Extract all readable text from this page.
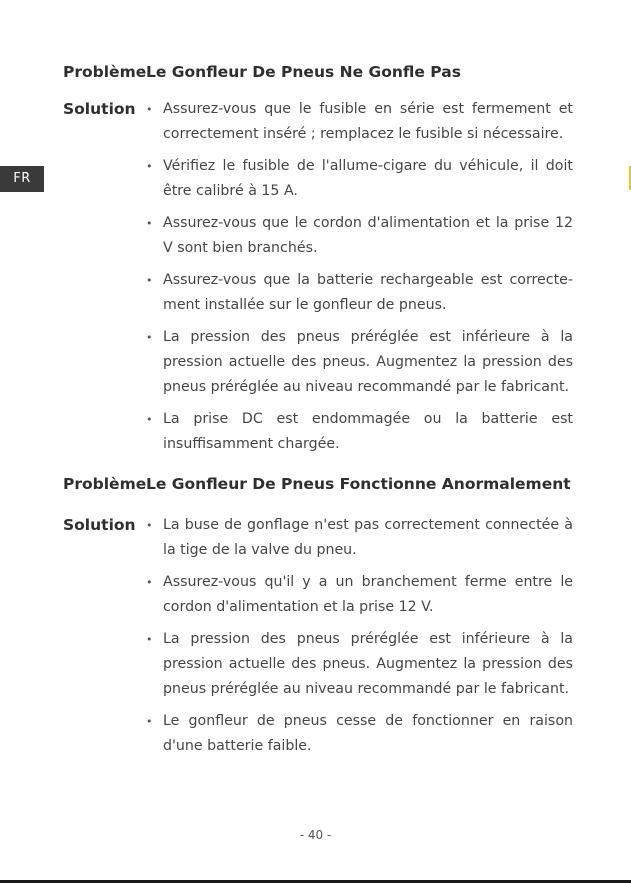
FR
Problème Le Gonfleur De Pneus Ne Gonfle Pas
Solution	• Assurez-vous que le fusible en série est fermement et correctement inséré ; remplacez le fusible si nécessaire.
• Vérifiez le fusible de l'allume-cigare du véhicule, il doit être calibré à 15 A.
• Assurez-vous que le cordon d'alimentation et la prise 12 V sont bien branchés.
• Assurez-vous que la batterie rechargeable est correcte- ment installée sur le gonfleur de pneus.
• La pression des pneus préréglée est inférieure à la pression actuelle des pneus. Augmentez la pression des pneus préréglée au niveau recommandé par le fabricant.
• La prise DC est endommagée ou la batterie est insuffisamment chargée.
Problème Le Gonfleur De Pneus Fonctionne Anormalement
Solution	• La buse de gonflage n'est pas correctement connectée à la tige de la valve du pneu.
• Assurez-vous qu'il y a un branchement ferme entre le cordon d'alimentation et la prise 12 V.
• La pression des pneus préréglée est inférieure à la pression actuelle des pneus. Augmentez la pression des pneus préréglée au niveau recommandé par le fabricant.
• Le gonfleur de pneus cesse de fonctionner en raison d'une batterie faible.
- 40 -
